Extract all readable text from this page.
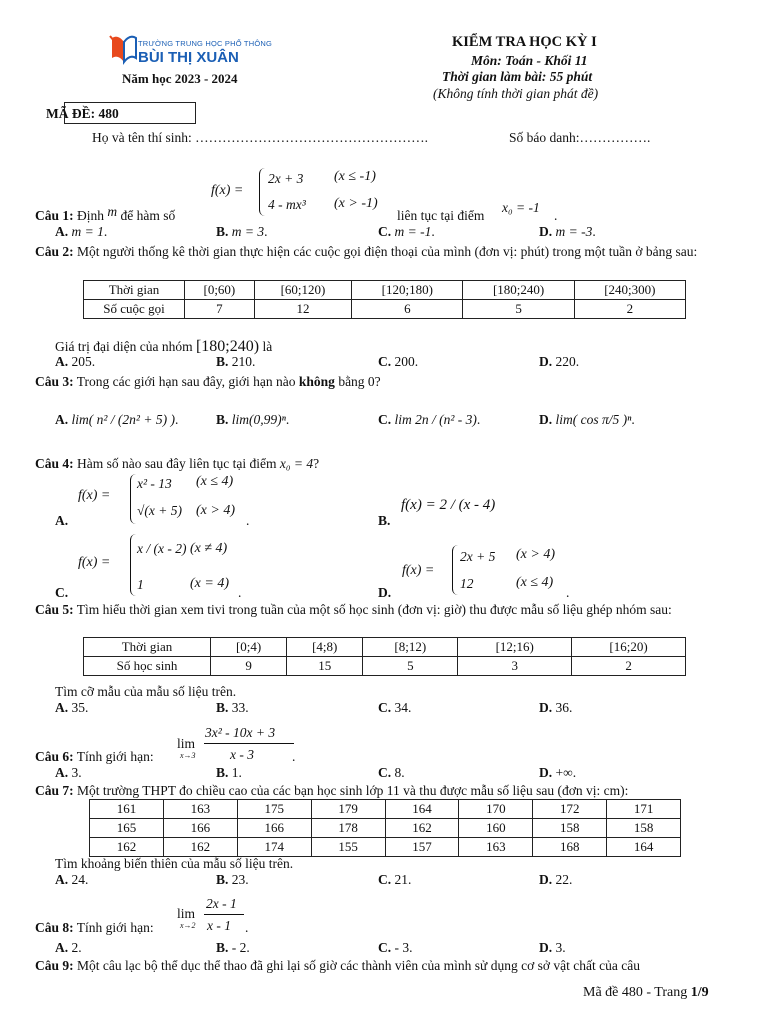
TRƯỜNG TRUNG HỌC PHỔ THÔNG
BÙI THỊ XUÂN
Năm học 2023 - 2024
KIỂM TRA HỌC KỲ I
Môn: Toán - Khối 11
Thời gian làm bài: 55 phút
(Không tính thời gian phát đề)
MÃ ĐỀ: 480
Họ và tên thí sinh: …………………………………………….	Số báo danh:…………….
Câu 1: Định m để hàm số
f(x) =
2x + 3 (x ≤ -1)
4 - mx³ (x > -1)
liên tục tại điểm
x₀ = -1
.
A. m = 1.	B. m = 3.	C. m = -1.	D. m = -3.
Câu 2: Một người thống kê thời gian thực hiện các cuộc gọi điện thoại của mình (đơn vị: phút) trong một tuần ở bảng sau:
Thời gian	[0;60)	[60;120)	[120;180)	[180;240)	[240;300)
Số cuộc gọi	7	12	6	5	2
Giá trị đại diện của nhóm [180;240) là
A. 205.	B. 210.	C. 200.	D. 220.
Câu 3: Trong các giới hạn sau đây, giới hạn nào không bằng 0?
A. lim( n² / (2n² + 5) ).	B. lim(0,99)ⁿ.	C. lim 2n / (n² - 3).	D. lim( cos π/5 )ⁿ.
Câu 4: Hàm số nào sau đây liên tục tại điểm x₀ = 4?
A.
f(x) =
x² - 13 (x ≤ 4)
√(x + 5) (x > 4)
.	B.
f(x) = 2 / (x - 4)
C.
f(x) =
x / (x - 2) (x ≠ 4)
1	(x = 4)
.	D.
f(x) =
2x + 5 (x > 4)
12	(x ≤ 4)
.
Câu 5: Tìm hiểu thời gian xem tivi trong tuần của một số học sinh (đơn vị: giờ) thu được mẫu số liệu ghép nhóm sau:
Thời gian	[0;4)	[4;8)	[8;12)	[12;16)	[16;20)
Số học sinh	9	15	5	3	2
Tìm cỡ mẫu của mẫu số liệu trên.
A. 35.	B. 33.	C. 34.	D. 36.
Câu 6: Tính giới hạn:
lim
x→3
3x² - 10x + 3
x - 3	.
A. 3.	B. 1.	C. 8.	D. +∞.
Câu 7: Một trường THPT đo chiều cao của các bạn học sinh lớp 11 và thu được mẫu số liệu sau (đơn vị: cm):
161	163	175	179	164	170	172	171
165	166	166	178	162	160	158	158
162	162	174	155	157	163	168	164
Tìm khoảng biến thiên của mẫu số liệu trên.
A. 24.	B. 23.	C. 21.	D. 22.
Câu 8: Tính giới hạn:
lim
x→2
2x - 1
x - 1 .
A. 2.	B. - 2.	C. - 3.	D. 3.
Câu 9: Một câu lạc bộ thể dục thể thao đã ghi lại số giờ các thành viên của mình sử dụng cơ sở vật chất của câu
Mã đề 480 - Trang 1/9
